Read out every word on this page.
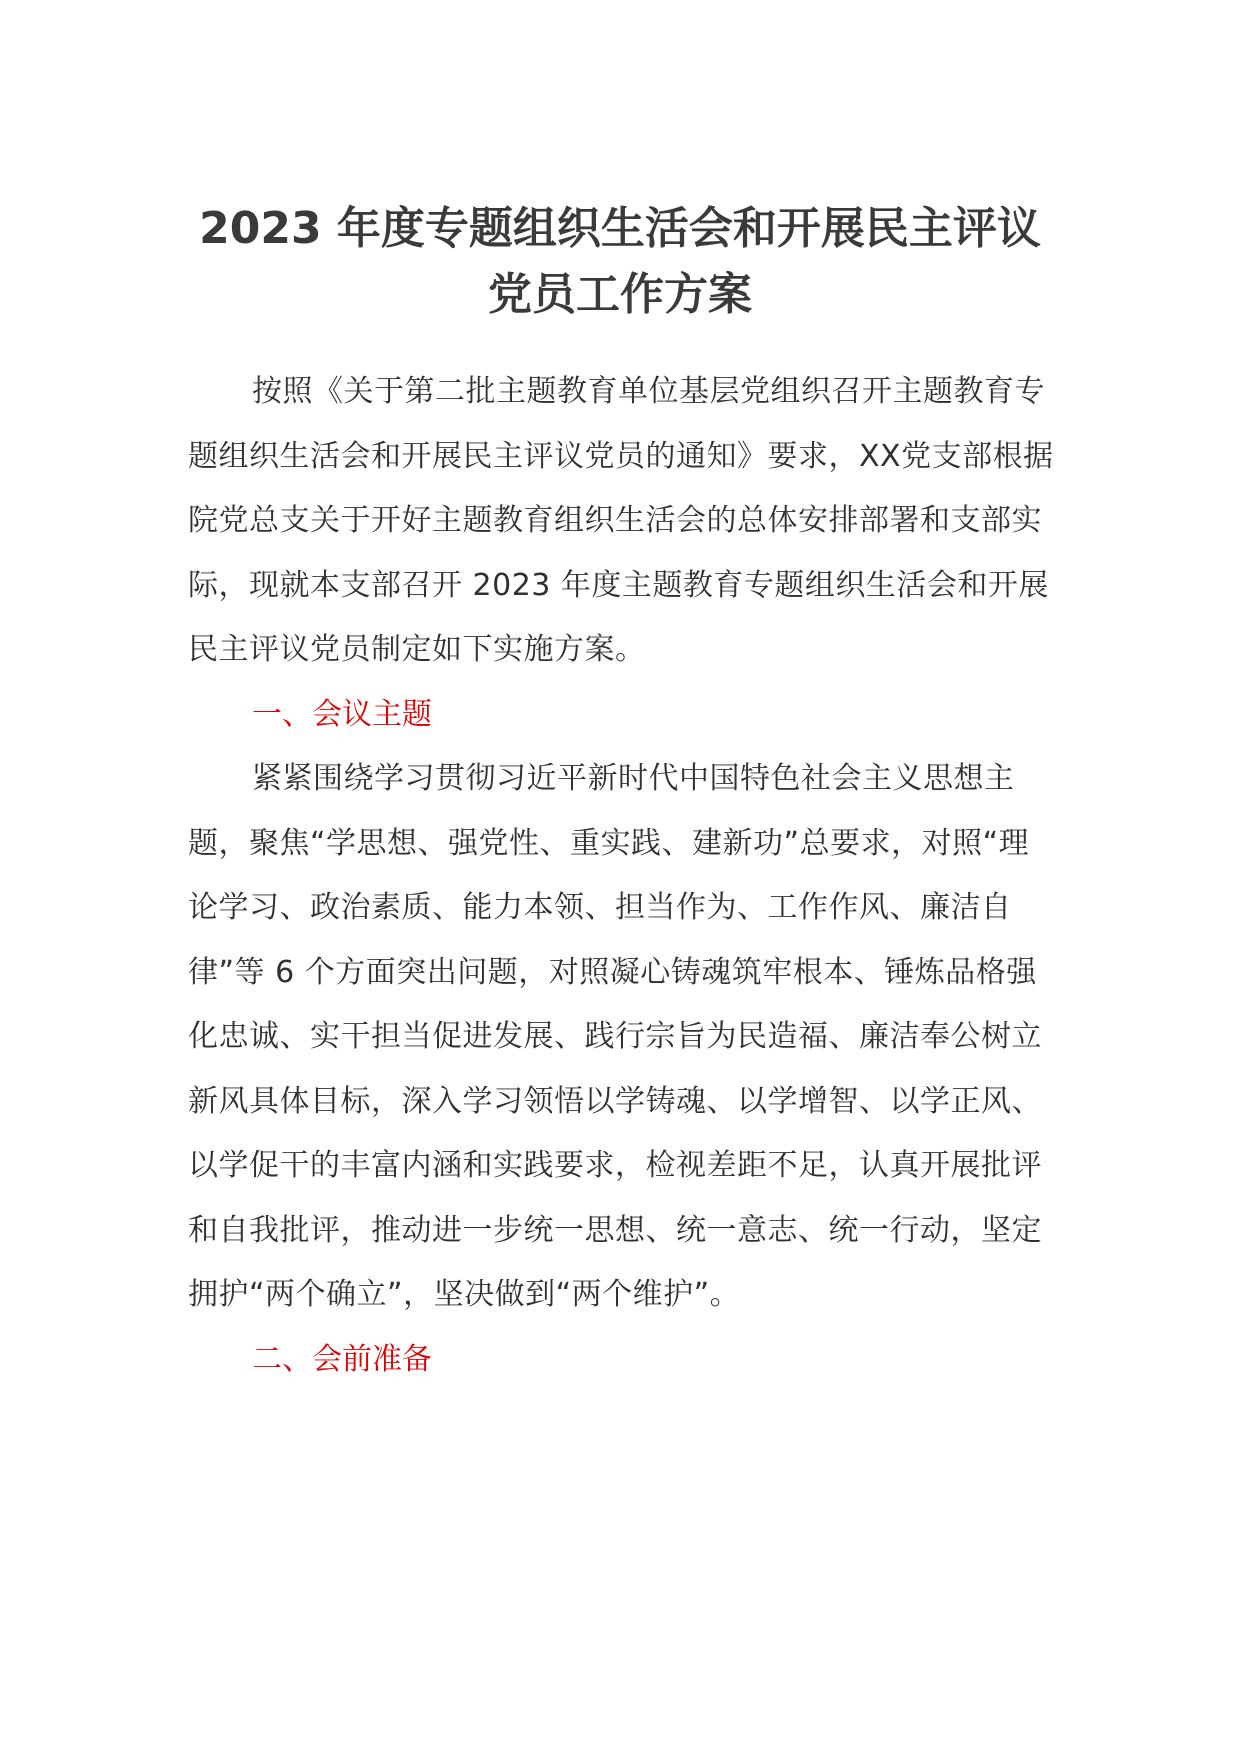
2023 年度专题组织生活会和开展民主评议
党员工作方案

按照《关于第二批主题教育单位基层党组织召开主题教育专题组织生活会和开展民主评议党员的通知》要求，XX党支部根据院党总支关于开好主题教育组织生活会的总体安排部署和支部实际，现就本支部召开 2023 年度主题教育专题组织生活会和开展民主评议党员制定如下实施方案。

一、会议主题

紧紧围绕学习贯彻习近平新时代中国特色社会主义思想主题，聚焦“学思想、强党性、重实践、建新功”总要求，对照“理论学习、政治素质、能力本领、担当作为、工作作风、廉洁自律”等 6 个方面突出问题，对照凝心铸魂筑牢根本、锤炼品格强化忠诚、实干担当促进发展、践行宗旨为民造福、廉洁奉公树立新风具体目标，深入学习领悟以学铸魂、以学增智、以学正风、以学促干的丰富内涵和实践要求，检视差距不足，认真开展批评和自我批评，推动进一步统一思想、统一意志、统一行动，坚定拥护“两个确立”，坚决做到“两个维护”。

二、会前准备
